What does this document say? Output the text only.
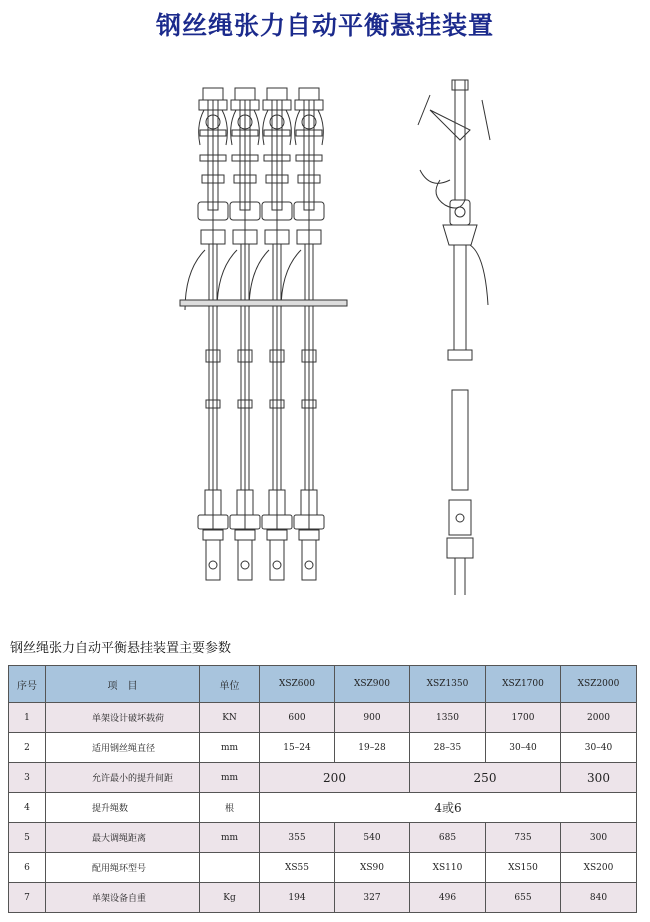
钢丝绳张力自动平衡悬挂装置
钢丝绳张力自动平衡悬挂装置主要参数
序号	项　目	单位	XSZ600	XSZ900	XSZ1350	XSZ1700	XSZ2000
1	单架设计破坏载荷	KN	600	900	1350	1700	2000
2	适用钢丝绳直径	mm	15–24	19–28	28–35	30–40	30–40
3	允许最小的提升间距	mm	200		250		300
4	提升绳数	根	4或6				
5	最大调绳距离	mm	355	540	685	735	300
6	配用绳环型号		XS55	XS90	XS110	XS150	XS200
7	单架设备自重	Kg	194	327	496	655	840
